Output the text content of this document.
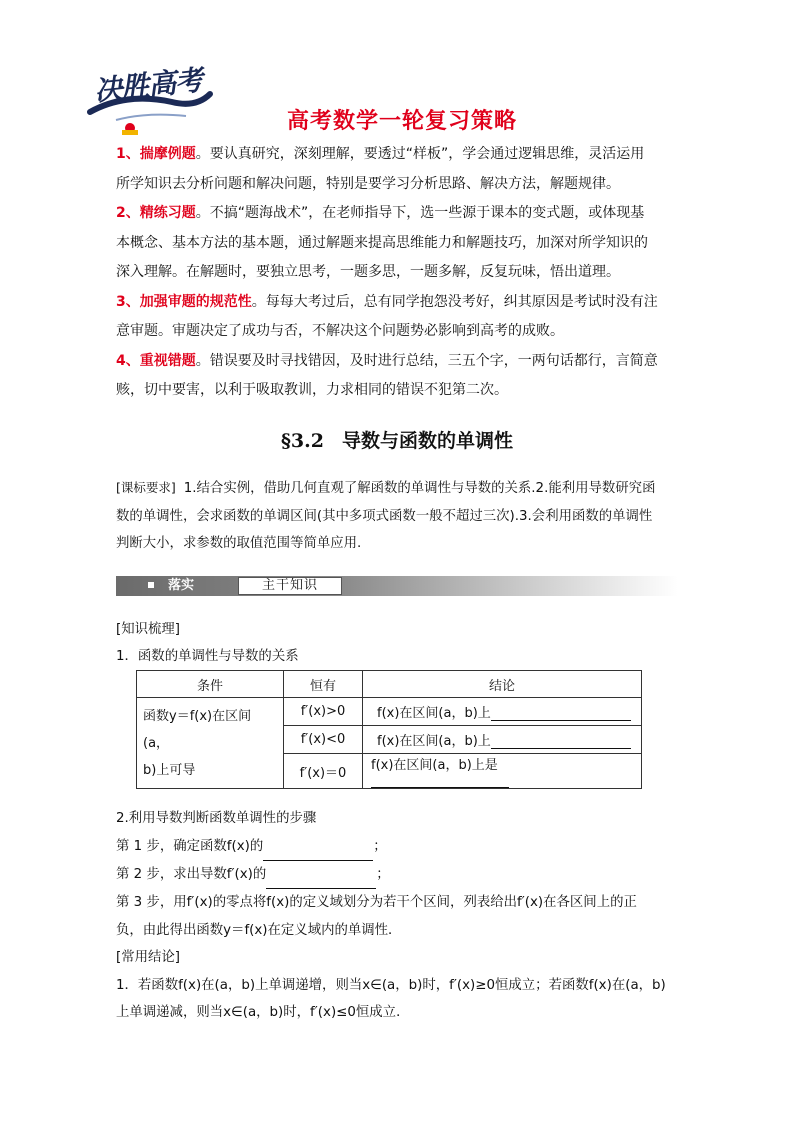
决胜高考
高考数学一轮复习策略

1、揣摩例题。要认真研究，深刻理解，要透过“样板”，学会通过逻辑思维，灵活运用
所学知识去分析问题和解决问题，特别是要学习分析思路、解决方法，解题规律。

2、精练习题。不搞“题海战术”，在老师指导下，选一些源于课本的变式题，或体现基
本概念、基本方法的基本题，通过解题来提高思维能力和解题技巧，加深对所学知识的
深入理解。在解题时，要独立思考，一题多思，一题多解，反复玩味，悟出道理。

3、加强审题的规范性。每每大考过后，总有同学抱怨没考好，纠其原因是考试时没有注
意审题。审题决定了成功与否，不解决这个问题势必影响到高考的成败。

4、重视错题。错误要及时寻找错因，及时进行总结，三五个字，一两句话都行，言简意
赅，切中要害，以利于吸取教训，力求相同的错误不犯第二次。

§3.2 导数与函数的单调性
[课标要求] 1.结合实例，借助几何直观了解函数的单调性与导数的关系.2.能利用导数研究函
数的单调性，会求函数的单调区间(其中多项式函数一般不超过三次).3.会利用函数的单调性
判断大小，求参数的取值范围等简单应用.
落实	主干知识
[知识梳理]
1．函数的单调性与导数的关系
条件	恒有	结论
函数y＝f(x)在区间(a，
b)上可导	f′(x)>0	f(x)在区间(a，b)上
	f′(x)<0	f(x)在区间(a，b)上
	f′(x)＝0	f(x)在区间(a，b)上是

2.利用导数判断函数单调性的步骤

第 1 步，确定函数f(x)的	；

第 2 步，求出导数f′(x)的	；

第 3 步，用f′(x)的零点将f(x)的定义域划分为若干个区间，列表给出f′(x)在各区间上的正
负，由此得出函数y＝f(x)在定义域内的单调性．

[常用结论]

1．若函数f(x)在(a，b)上单调递增，则当x∈(a，b)时，f′(x)≥0恒成立；若函数f(x)在(a，b)
上单调递减，则当x∈(a，b)时，f′(x)≤0恒成立．
